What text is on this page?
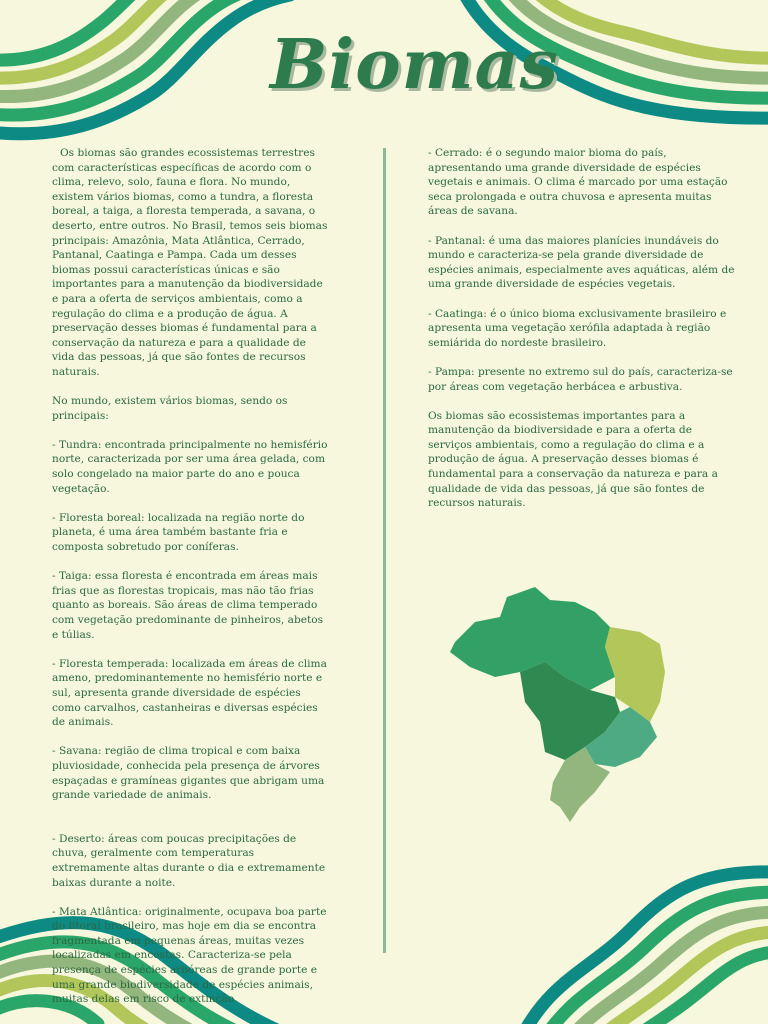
Biomas

Os biomas são grandes ecossistemas terrestres com características específicas de acordo com o clima, relevo, solo, fauna e flora. No mundo, existem vários biomas, como a tundra, a floresta boreal, a taiga, a floresta temperada, a savana, o deserto, entre outros. No Brasil, temos seis biomas principais: Amazônia, Mata Atlântica, Cerrado, Pantanal, Caatinga e Pampa. Cada um desses biomas possui características únicas e são importantes para a manutenção da biodiversidade e para a oferta de serviços ambientais, como a regulação do clima e a produção de água. A preservação desses biomas é fundamental para a conservação da natureza e para a qualidade de vida das pessoas, já que são fontes de recursos naturais.

No mundo, existem vários biomas, sendo os principais:

- Tundra: encontrada principalmente no hemisfério norte, caracterizada por ser uma área gelada, com solo congelado na maior parte do ano e pouca vegetação.

- Floresta boreal: localizada na região norte do planeta, é uma área também bastante fria e composta sobretudo por coníferas.

- Taiga: essa floresta é encontrada em áreas mais frias que as florestas tropicais, mas não tão frias quanto as boreais. São áreas de clima temperado com vegetação predominante de pinheiros, abetos e túlias.

- Floresta temperada: localizada em áreas de clima ameno, predominantemente no hemisfério norte e sul, apresenta grande diversidade de espécies como carvalhos, castanheiras e diversas espécies de animais.

- Savana: região de clima tropical e com baixa pluviosidade, conhecida pela presença de árvores espaçadas e gramíneas gigantes que abrigam uma grande variedade de animais.

- Deserto: áreas com poucas precipitações de chuva, geralmente com temperaturas extremamente altas durante o dia e extremamente baixas durante a noite.

- Mata Atlântica: originalmente, ocupava boa parte do litoral brasileiro, mas hoje em dia se encontra fragmentada em pequenas áreas, muitas vezes localizadas em encostas. Caracteriza-se pela presença de espécies arbóreas de grande porte e uma grande biodiversidade de espécies animais, muitas delas em risco de extinção.

- Cerrado: é o segundo maior bioma do país, apresentando uma grande diversidade de espécies vegetais e animais. O clima é marcado por uma estação seca prolongada e outra chuvosa e apresenta muitas áreas de savana.

- Pantanal: é uma das maiores planícies inundáveis do mundo e caracteriza-se pela grande diversidade de espécies animais, especialmente aves aquáticas, além de uma grande diversidade de espécies vegetais.

- Caatinga: é o único bioma exclusivamente brasileiro e apresenta uma vegetação xerófila adaptada à região semiárida do nordeste brasileiro.

- Pampa: presente no extremo sul do país, caracteriza-se por áreas com vegetação herbácea e arbustiva.

Os biomas são ecossistemas importantes para a manutenção da biodiversidade e para a oferta de serviços ambientais, como a regulação do clima e a produção de água. A preservação desses biomas é fundamental para a conservação da natureza e para a qualidade de vida das pessoas, já que são fontes de recursos naturais.
